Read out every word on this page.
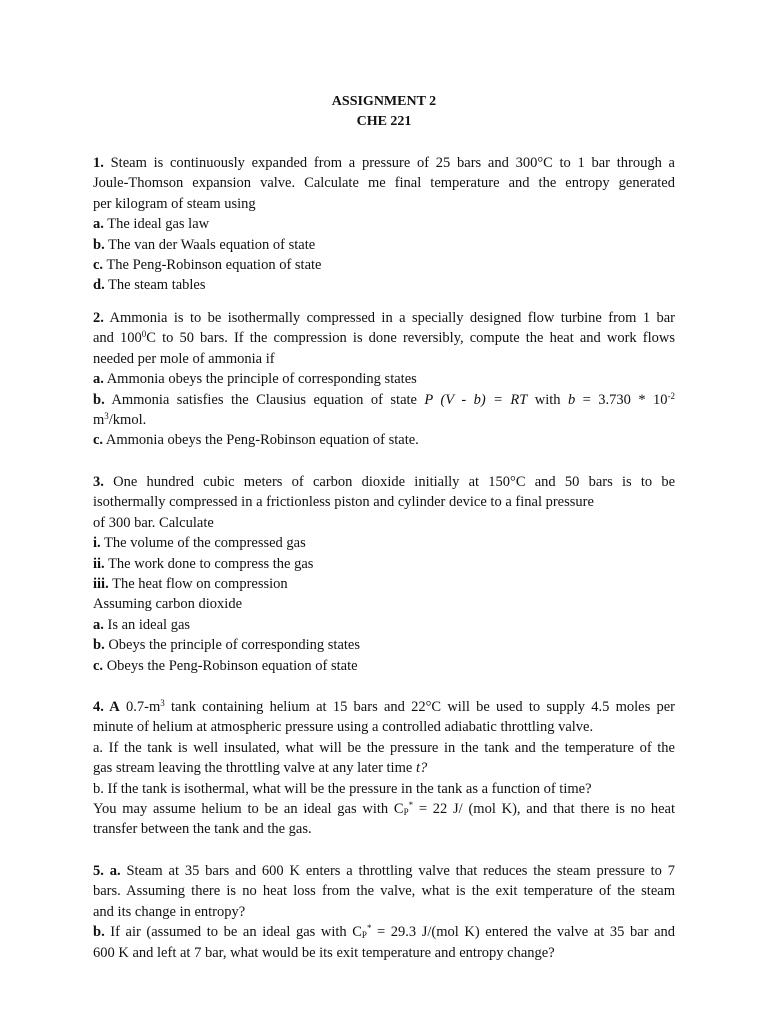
ASSIGNMENT 2
CHE 221
1. Steam is continuously expanded from a pressure of 25 bars and 300°C to 1 bar through a
Joule-Thomson expansion valve. Calculate me final temperature and the entropy generated
per kilogram of steam using
a. The ideal gas law
b. The van der Waals equation of state
c. The Peng-Robinson equation of state
d. The steam tables
2. Ammonia is to be isothermally compressed in a specially designed flow turbine from 1 bar
and $100^0C$ to 50 bars. If the compression is done reversibly, compute the heat and work flows
needed per mole of ammonia if
a. Ammonia obeys the principle of corresponding states
b. Ammonia satisfies the Clausius equation of state P (V - b) = RT with $b = 3.730 * 10^{-2}$
$m^3$/kmol.
c. Ammonia obeys the Peng-Robinson equation of state.
3. One hundred cubic meters of carbon dioxide initially at 150°C and 50 bars is to be
isothermally compressed in a frictionless piston and cylinder device to a final pressure
of 300 bar. Calculate
i. The volume of the compressed gas
ii. The work done to compress the gas
iii. The heat flow on compression
Assuming carbon dioxide
a. Is an ideal gas
b. Obeys the principle of corresponding states
c. Obeys the Peng-Robinson equation of state
4. A $0.7-m^3$ tank containing helium at 15 bars and 22°C will be used to supply 4.5 moles per
minute of helium at atmospheric pressure using a controlled adiabatic throttling valve.
a. If the tank is well insulated, what will be the pressure in the tank and the temperature of the
gas stream leaving the throttling valve at any later time t?
b. If the tank is isothermal, what will be the pressure in the tank as a function of time?
You may assume helium to be an ideal gas with $C_P^* = 22$ J/ (mol K), and that there is no heat
transfer between the tank and the gas.
5. a. Steam at 35 bars and 600 K enters a throttling valve that reduces the steam pressure to 7
bars. Assuming there is no heat loss from the valve, what is the exit temperature of the steam
and its change in entropy?
b. If air (assumed to be an ideal gas with $C_P^* = 29.3$ J/(mol K) entered the valve at 35 bar and
600 K and left at 7 bar, what would be its exit temperature and entropy change?
